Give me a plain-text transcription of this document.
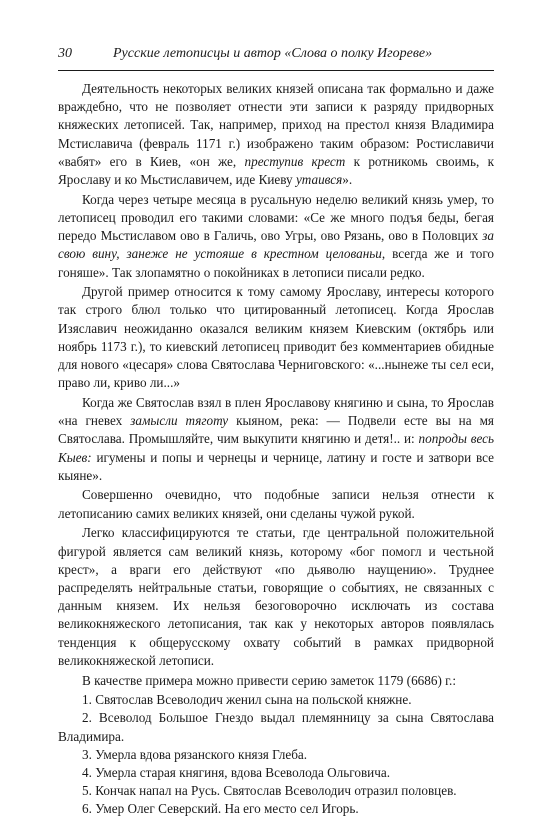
30	Русские летописцы и автор «Слова о полку Игореве»

Деятельность некоторых великих князей описана так формально и даже враждебно, что не позволяет отнести эти записи к разряду придворных княжеских летописей. Так, например, приход на престол князя Владимира Мстиславича (февраль 1171 г.) изображено таким образом: Ростиславичи «вабят» его в Киев, «он же, преступив крест к ротникомь своимь, к Ярославу и ко Мьстиславичем, иде Киеву утаився».

Когда через четыре месяца в русальную неделю великий князь умер, то летописец проводил его такими словами: «Се же много подъя беды, бегая передо Мьстиславом ово в Галичь, ово Угры, ово Рязань, ово в Половцих за свою вину, занеже не устояше в крестном целованьи, всегда же и того гоняше». Так злопамятно о покойниках в летописи писали редко.

Другой пример относится к тому самому Ярославу, интересы которого так строго блюл только что цитированный летописец. Когда Ярослав Изяславич неожиданно оказался великим князем Киевским (октябрь или ноябрь 1173 г.), то киевский летописец приводит без комментариев обидные для нового «цесаря» слова Святослава Черниговского: «...нынеже ты сел еси, право ли, криво ли...»

Когда же Святослав взял в плен Ярославову княгиню и сына, то Ярослав «на гневех замысли тяготу кыяном, река: — Подвели есте вы на мя Святослава. Промышляйте, чим выкупити княгиню и детя!.. и: попроды весь Кыев: игумены и попы и чернецы и чернице, латину и госте и затвори все кыяне».

Совершенно очевидно, что подобные записи нельзя отнести к летописанию самих великих князей, они сделаны чужой рукой.

Легко классифицируются те статьи, где центральной положительной фигурой является сам великий князь, которому «бог помогл и честьной крест», а враги его действуют «по дьяволю наущению». Труднее распределять нейтральные статьи, говорящие о событиях, не связанных с данным князем. Их нельзя безоговорочно исключать из состава великокняжеского летописания, так как у некоторых авторов появлялась тенденция к общерусскому охвату событий в рамках придворной великокняжеской летописи.

В качестве примера можно привести серию заметок 1179 (6686) г.:

1. Святослав Всеволодич женил сына на польской княжне.

2. Всеволод Большое Гнездо выдал племянницу за сына Святослава Владимира.

3. Умерла вдова рязанского князя Глеба.

4. Умерла старая княгиня, вдова Всеволода Ольговича.

5. Кончак напал на Русь. Святослав Всеволодич отразил половцев.

6. Умер Олег Северский. На его место сел Игорь.
